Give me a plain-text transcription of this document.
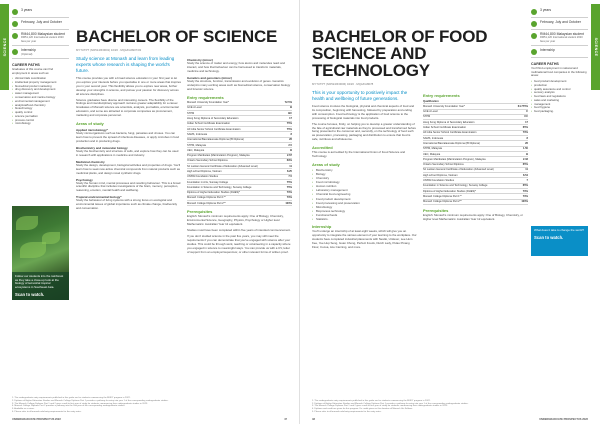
SCIENCE
3 years
February, July and October
RM44,800 Malaysian student
RM51,120 International student 2020 fees per year
Internship
(Optional)
CAREER PATHS
Graduates of this course can find employment in areas such as:
• clinical trials coordination
• intellectual property management
• biomedical product marketing
• drug discovery and development
• water management
• conservation and marine biology
• environmental management
• analytical/food chemistry
• biotechnology
• quality control
• science journalism
• process control
• microbiology
Follow our students into the rainforest as they take a close-up look at the biology of terrestrial tropical ecosystems in Southeast Asia.
Scan to watch.
BACHELOR OF SCIENCE
MYTUTPT (N/0514/6/0001) 10/26 · MQA/FA9907/03

Study science at Monash and learn from leading experts whose research is shaping the world's future.

This course provides you with a broad science education in your first year to let you explore your interests before you specialise in one or more areas that inspires you in your second year. This flexibility allows you to explore new areas, further develop your strengths in science, and pursue your passion for discovery across all science disciplines.

Science graduates have diverse and interesting careers. The flexibility of the findings and interdisciplinary approach nurtures greater adaptability for a career. Graduates of Monash science are scientists, analysts, journalists, environmental educators, and some are attracted to corporate companies as procurement, marketing and corporate personnel.

Areas of study
Applied microbiology*

Study microorganisms such as bacteria, fungi, parasites and viruses. You can learn how to prevent the spread of infectious diseases, or apply microbes in food production and in producing drugs.

Biochemistry and molecular biology

Study the biochemistry and structure of cells, and explore how they can be used in research with applications in medicine and industry.

Medicinal chemistry

Study the design, development, biological activities and properties of drugs. You'll learn how to seek new active chemical compounds from natural products such as medicinal plants, and design novel synthetic drugs.

Psychology

Study the human mind, mental processes and resulting behaviour. This is a broad scientific discipline that includes investigations of the brain, memory, perception, reasoning, emotion, mental health and wellbeing.

Tropical environmental biology*

Study the behaviour of living systems with a strong focus on ecological and environmental issues of global importance such as climate change, biodiversity and conservation.

Chemistry (minor)

Study the science of matter and energy, how atoms and molecules react and interact, and how that behaviour can be harnessed to transform materials, medicine and technology.

Genetics and genomics (minor)

Study the structure, function, transmission and evolution of genes. Genetics underpins many exciting areas such as biomedical science, conservation biology and forensic science.

Entry requirements
Monash University Foundation Year*	72.5%
GCE A Level	B
STPM	BC
Hong Kong Diploma of Secondary Education	17
Indian School Certificate Examination	75%
All India Senior School Certificate Examination	75%
SAMS, Indonesia	8
International Baccalaureate Diploma (IB Diploma)	26
STPM, Malaysia	2.5
UEC, Malaysia	B
Program Matrikulasi (Matriculation Program), Malaysia	2.67
Ontario Secondary School Diploma	69%
Sri Lankan General Certificate of Education (Advanced Level)	11
High school Diploma, Vietnam	8.25
UNSW Foundation Studies	7.5
Foundation in Arts, Sunway College	75%
Foundation in Science and Technology, Sunway College	75%
Diploma of Higher Education Studies (DHES)*	70%
Monash College Diploma Part 1**	70%
Monash College Diploma Part 2**	100%
Prerequisites

English: Monash's minimum requirements apply. One of Biology, Chemistry, Environmental Science, Geography, Physics, Psychology or Higher level Mathematics: Australian Year 12 equivalent.

Studies must have been completed within five years of intended commencement.

If you don't studied science in the past five years, you may still meet the requirements if you can demonstrate that you've engaged with science after your studies. This could be through work, teaching or volunteering in a capacity where you engaged in science to meaningful ways. You can provide us with a CV, letter of support from an employer/supervisor, or other relevant forms of written proof.

1. The undergraduate entry requirements published in this guide are for students commencing the MUFY program in 2022.

2. Diploma of Higher Education Studies and Monash College Diploma Part 1 provides a pathway for entry into year 1 of the corresponding undergraduate studies.

3. The Monash College Diploma Part 1 and 2 gives credit to first year of study for students commencing their undergraduate studies in 2023.

4. Monash College Diploma Part 2 provides a pathway into the 2nd year of the corresponding undergraduate studies.

5. Available as a minor.

6. Please refer to all.monash.edu/entry-requirements for the entry rates.

UNDERGRADUATE PROSPECTUS 2022	47
SCIENCE
BACHELOR OF FOOD SCIENCE AND TECHNOLOGY
MYTUTPT (N/0524/6/0006) 04/26 · MQA/FA8078

This is your opportunity to positively impact the health and wellbeing of future generations.

Food science involves the biological, physical and chemical aspects of food and its composition, beginning with harvesting, followed by preparation and ending with consumption. Food technology is the application of food science to the processing of biological materials into food products.

The course focuses, firstly, on helping you to develop a greater understanding of the fate of agricultural raw materials as they're processed and transformed before being presented to the consumer and, secondly, on the technology of food such as preservation, processing, packaging and distribution to ensure that food is safe, nutritious and wholesome.

Accredited

This course is accredited by the International Union of Food Science and Technology.

Areas of study
• Biochemistry
• Biology
• Chemistry
• Food microbiology
• Human nutrition
• Laboratory management
• Chemical food engineering
• Food product development
• Food processing and preservation
• Microbiology
• Bioprocess technology
• Functional foods
• Statistics.
Internship

You'll undergo an internship of at least eight weeks, which will give you an opportunity to integrate the various element of your learning to the workplace. Our students have completed industrial placements with Nestlé, Unilever, Lee Hum Kee, Yee Hup Seng, Guan Chong, Perfect Foods, Dutch Lady, Pulau Pinang Flour, Cocoa, Ace Canning, and more.

Entry requirements
Qualification	
Monash University Foundation Year*	64.775%
GCE A Level	C
STPM	CC
Hong Kong Diploma of Secondary Education	17
Indian School Certificate Examination	65%
All India Senior School Certificate Examination	70%
SAMS, Indonesia	8
International Baccalaureate Diploma (IB Diploma)	26
STPM, Malaysia	1.50
UEC, Malaysia	B
Program Matrikulasi (Matriculation Program), Malaysia	2.33
Ontario Secondary School Diploma	65%
Sri Lankan General Certificate of Education (Advanced Level)	11
High school Diploma, Vietnam	8.54
UNSW Foundation Studies	7
Foundation in Science and Technology, Sunway College	65%
Diploma of Higher Education Studies (DHES)*	70%
Monash College Diploma Part 1**	70%
Monash College Diploma Part 2**	100%
Prerequisites

English: Monash's minimum requirements apply. One of Biology, Chemistry, or Higher level Mathematics: Australian Year 12 equivalent.

3 years
February, July and October
RM44,800 Malaysian student
RM51,120 International student 2020 fees per year
Internship
CAREER PATHS
You'll find employment in national and multinational food companies in the following areas:
• food product development
• production
• quality assurance and control
• sensory analysis
• food laws and regulations
• sales and marketing
• management
• food hygiene
• food packaging.
What does it take to change the world?
Scan to watch.

1. The undergraduate entry requirements published in this guide are for students commencing the MUFY program in 2022.

2. Diploma of Higher Education Studies and Monash College Diploma Part 1 provides a pathway for entry into year 1 of the corresponding undergraduate studies.

3. The Monash College Diploma Part 1 and 2 gives credit to first year of study for students commencing their undergraduate studies in 2023.

4. Diploma and credit are given for this program. It's credit given on this duration of Monash Uni Fellows.

5. Please refer to all.monash.edu/entry-requirements for the entry rates.

48	UNDERGRADUATE PROSPECTUS 2022
